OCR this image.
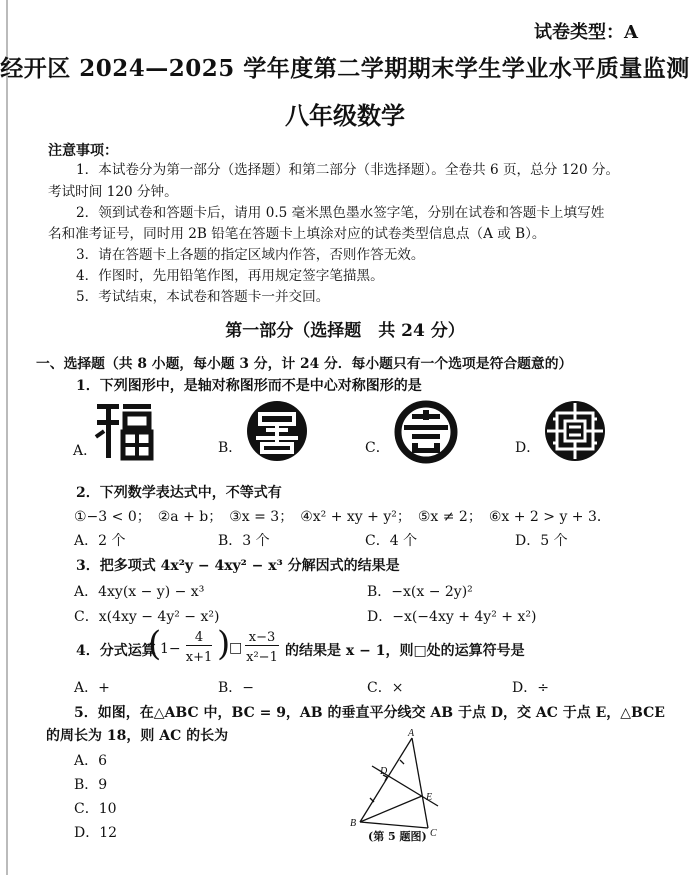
试卷类型：A
经开区 2024—2025 学年度第二学期期末学生学业水平质量监测
八年级数学
注意事项：
1．本试卷分为第一部分（选择题）和第二部分（非选择题）。全卷共 6 页，总分 120 分。
考试时间 120 分钟。
2．领到试卷和答题卡后，请用 0.5 毫米黑色墨水签字笔，分别在试卷和答题卡上填写姓
名和准考证号，同时用 2B 铅笔在答题卡上填涂对应的试卷类型信息点（A 或 B）。
3．请在答题卡上各题的指定区域内作答，否则作答无效。
4．作图时，先用铅笔作图，再用规定签字笔描黑。
5．考试结束，本试卷和答题卡一并交回。
第一部分（选择题　共 24 分）
一、选择题（共 8 小题，每小题 3 分，计 24 分．每小题只有一个选项是符合题意的）
1．下列图形中，是轴对称图形而不是中心对称图形的是
A．	B．	C．	D．
2．下列数学表达式中，不等式有
①−3 < 0；　②a + b；　③x = 3；　④x² + xy + y²；　⑤x ≠ 2；　⑥x + 2 > y + 3．
A．2 个	B．3 个	C．4 个	D．5 个
3．把多项式 4x²y − 4xy² − x³ 分解因式的结果是
A．4xy(x − y) − x³	B．−x(x − 2y)²
C．x(4xy − 4y² − x²)	D．−x(−4xy + 4y² + x²)
4．分式运算
(
1−
4
x+1 )
□
x−3
x²−1 的结果是 x − 1，则□处的运算符号是
A．+	B．−	C．×	D．÷
5．如图，在△ABC 中，BC = 9，AB 的垂直平分线交 AB 于点 D，交 AC 于点 E，△BCE
的周长为 18，则 AC 的长为
A．6
B．9
C．10
D．12
A
D
E
B
C
(第 5 题图)
